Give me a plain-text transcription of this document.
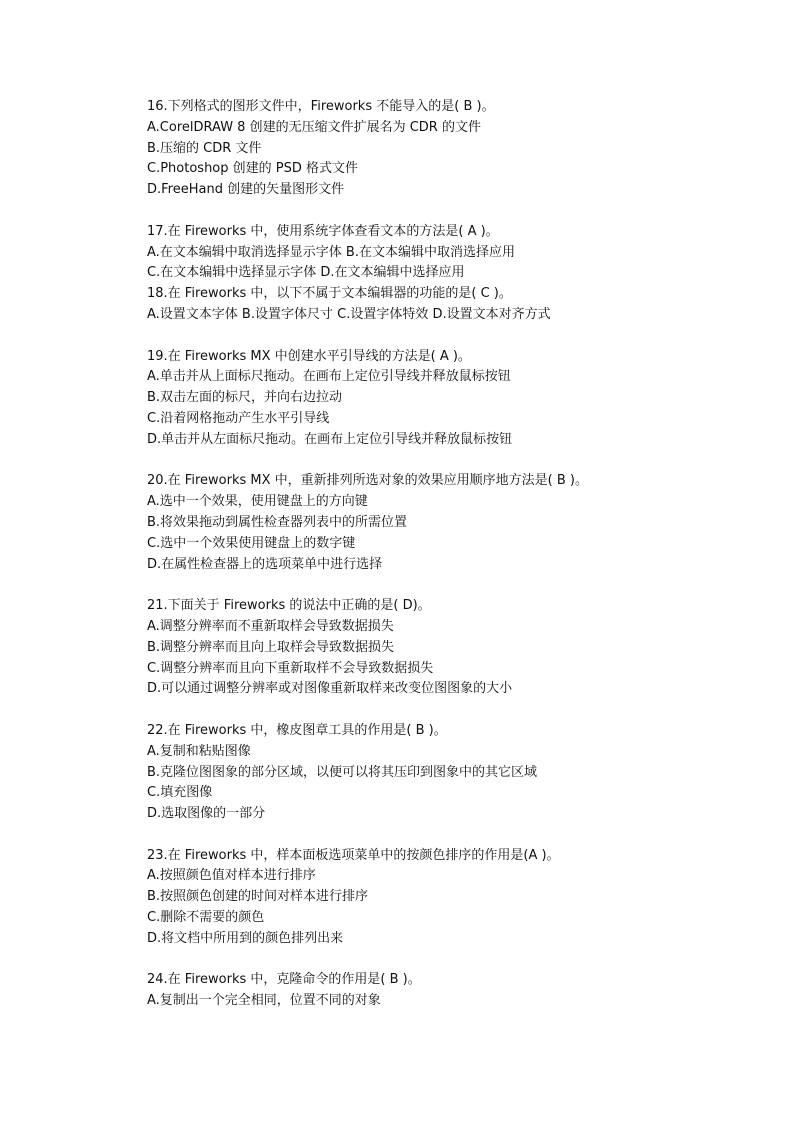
16.下列格式的图形文件中，Fireworks 不能导入的是( B )。
A.CorelDRAW 8 创建的无压缩文件扩展名为 CDR 的文件
B.压缩的 CDR 文件
C.Photoshop 创建的 PSD 格式文件
D.FreeHand 创建的矢量图形文件
17.在 Fireworks 中，使用系统字体查看文本的方法是( A )。
A.在文本编辑中取消选择显示字体 B.在文本编辑中取消选择应用
C.在文本编辑中选择显示字体 D.在文本编辑中选择应用
18.在 Fireworks 中，以下不属于文本编辑器的功能的是( C )。
A.设置文本字体 B.设置字体尺寸 C.设置字体特效 D.设置文本对齐方式
19.在 Fireworks MX 中创建水平引导线的方法是( A )。
A.单击并从上面标尺拖动。在画布上定位引导线并释放鼠标按钮
B.双击左面的标尺，并向右边拉动
C.沿着网格拖动产生水平引导线
D.单击并从左面标尺拖动。在画布上定位引导线并释放鼠标按钮
20.在 Fireworks MX 中，重新排列所选对象的效果应用顺序地方法是( B )。
A.选中一个效果，使用键盘上的方向键
B.将效果拖动到属性检查器列表中的所需位置
C.选中一个效果使用键盘上的数字键
D.在属性检查器上的选项菜单中进行选择
21.下面关于 Fireworks 的说法中正确的是( D)。
A.调整分辨率而不重新取样会导致数据损失
B.调整分辨率而且向上取样会导致数据损失
C.调整分辨率而且向下重新取样不会导致数据损失
D.可以通过调整分辨率或对图像重新取样来改变位图图象的大小
22.在 Fireworks 中，橡皮图章工具的作用是( B )。
A.复制和粘贴图像
B.克隆位图图象的部分区域，以便可以将其压印到图象中的其它区域
C.填充图像
D.选取图像的一部分
23.在 Fireworks 中，样本面板选项菜单中的按颜色排序的作用是(A )。
A.按照颜色值对样本进行排序
B.按照颜色创建的时间对样本进行排序
C.删除不需要的颜色
D.将文档中所用到的颜色排列出来
24.在 Fireworks 中，克隆命令的作用是( B )。
A.复制出一个完全相同，位置不同的对象
